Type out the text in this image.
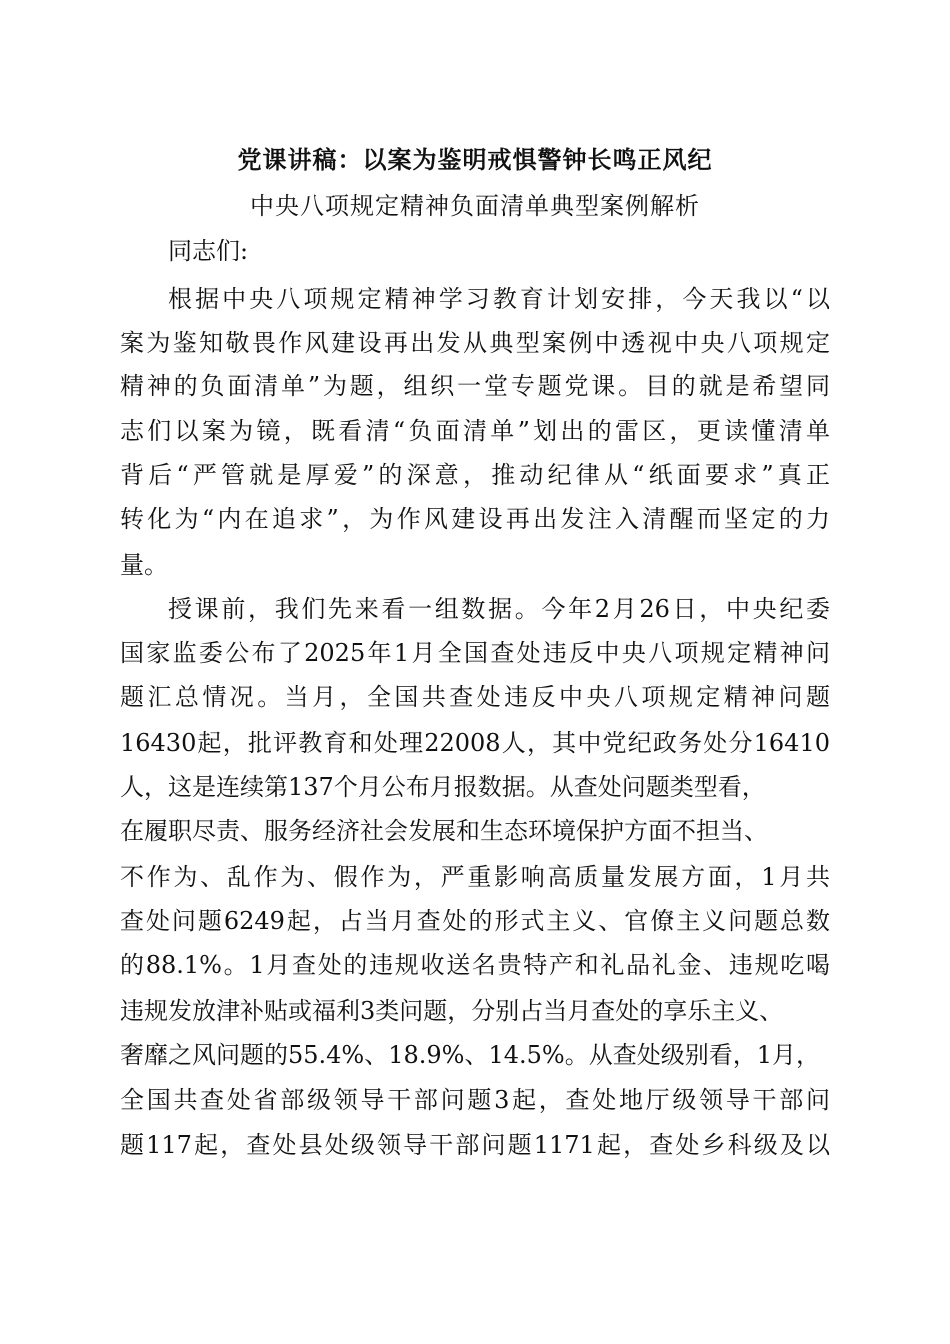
党课讲稿：以案为鉴明戒惧警钟长鸣正风纪
中央八项规定精神负面清单典型案例解析
同志们:
根据中央八项规定精神学习教育计划安排，今天我以“以
案为鉴知敬畏作风建设再出发从典型案例中透视中央八项规定
精神的负面清单”为题，组织一堂专题党课。目的就是希望同
志们以案为镜，既看清“负面清单”划出的雷区，更读懂清单
背后“严管就是厚爱”的深意，推动纪律从“纸面要求”真正
转化为“内在追求”，为作风建设再出发注入清醒而坚定的力
量。
授课前，我们先来看一组数据。今年2月26日，中央纪委
国家监委公布了2025年1月全国查处违反中央八项规定精神问
题汇总情况。当月，全国共查处违反中央八项规定精神问题
16430起，批评教育和处理22008人，其中党纪政务处分16410
人，这是连续第137个月公布月报数据。从查处问题类型看，
在履职尽责、服务经济社会发展和生态环境保护方面不担当、
不作为、乱作为、假作为，严重影响高质量发展方面，1月共
查处问题6249起，占当月查处的形式主义、官僚主义问题总数
的88.1%。1月查处的违规收送名贵特产和礼品礼金、违规吃喝
违规发放津补贴或福利3类问题，分别占当月查处的享乐主义、
奢靡之风问题的55.4%、18.9%、14.5%。从查处级别看，1月，
全国共查处省部级领导干部问题3起，查处地厅级领导干部问
题117起，查处县处级领导干部问题1171起，查处乡科级及以
